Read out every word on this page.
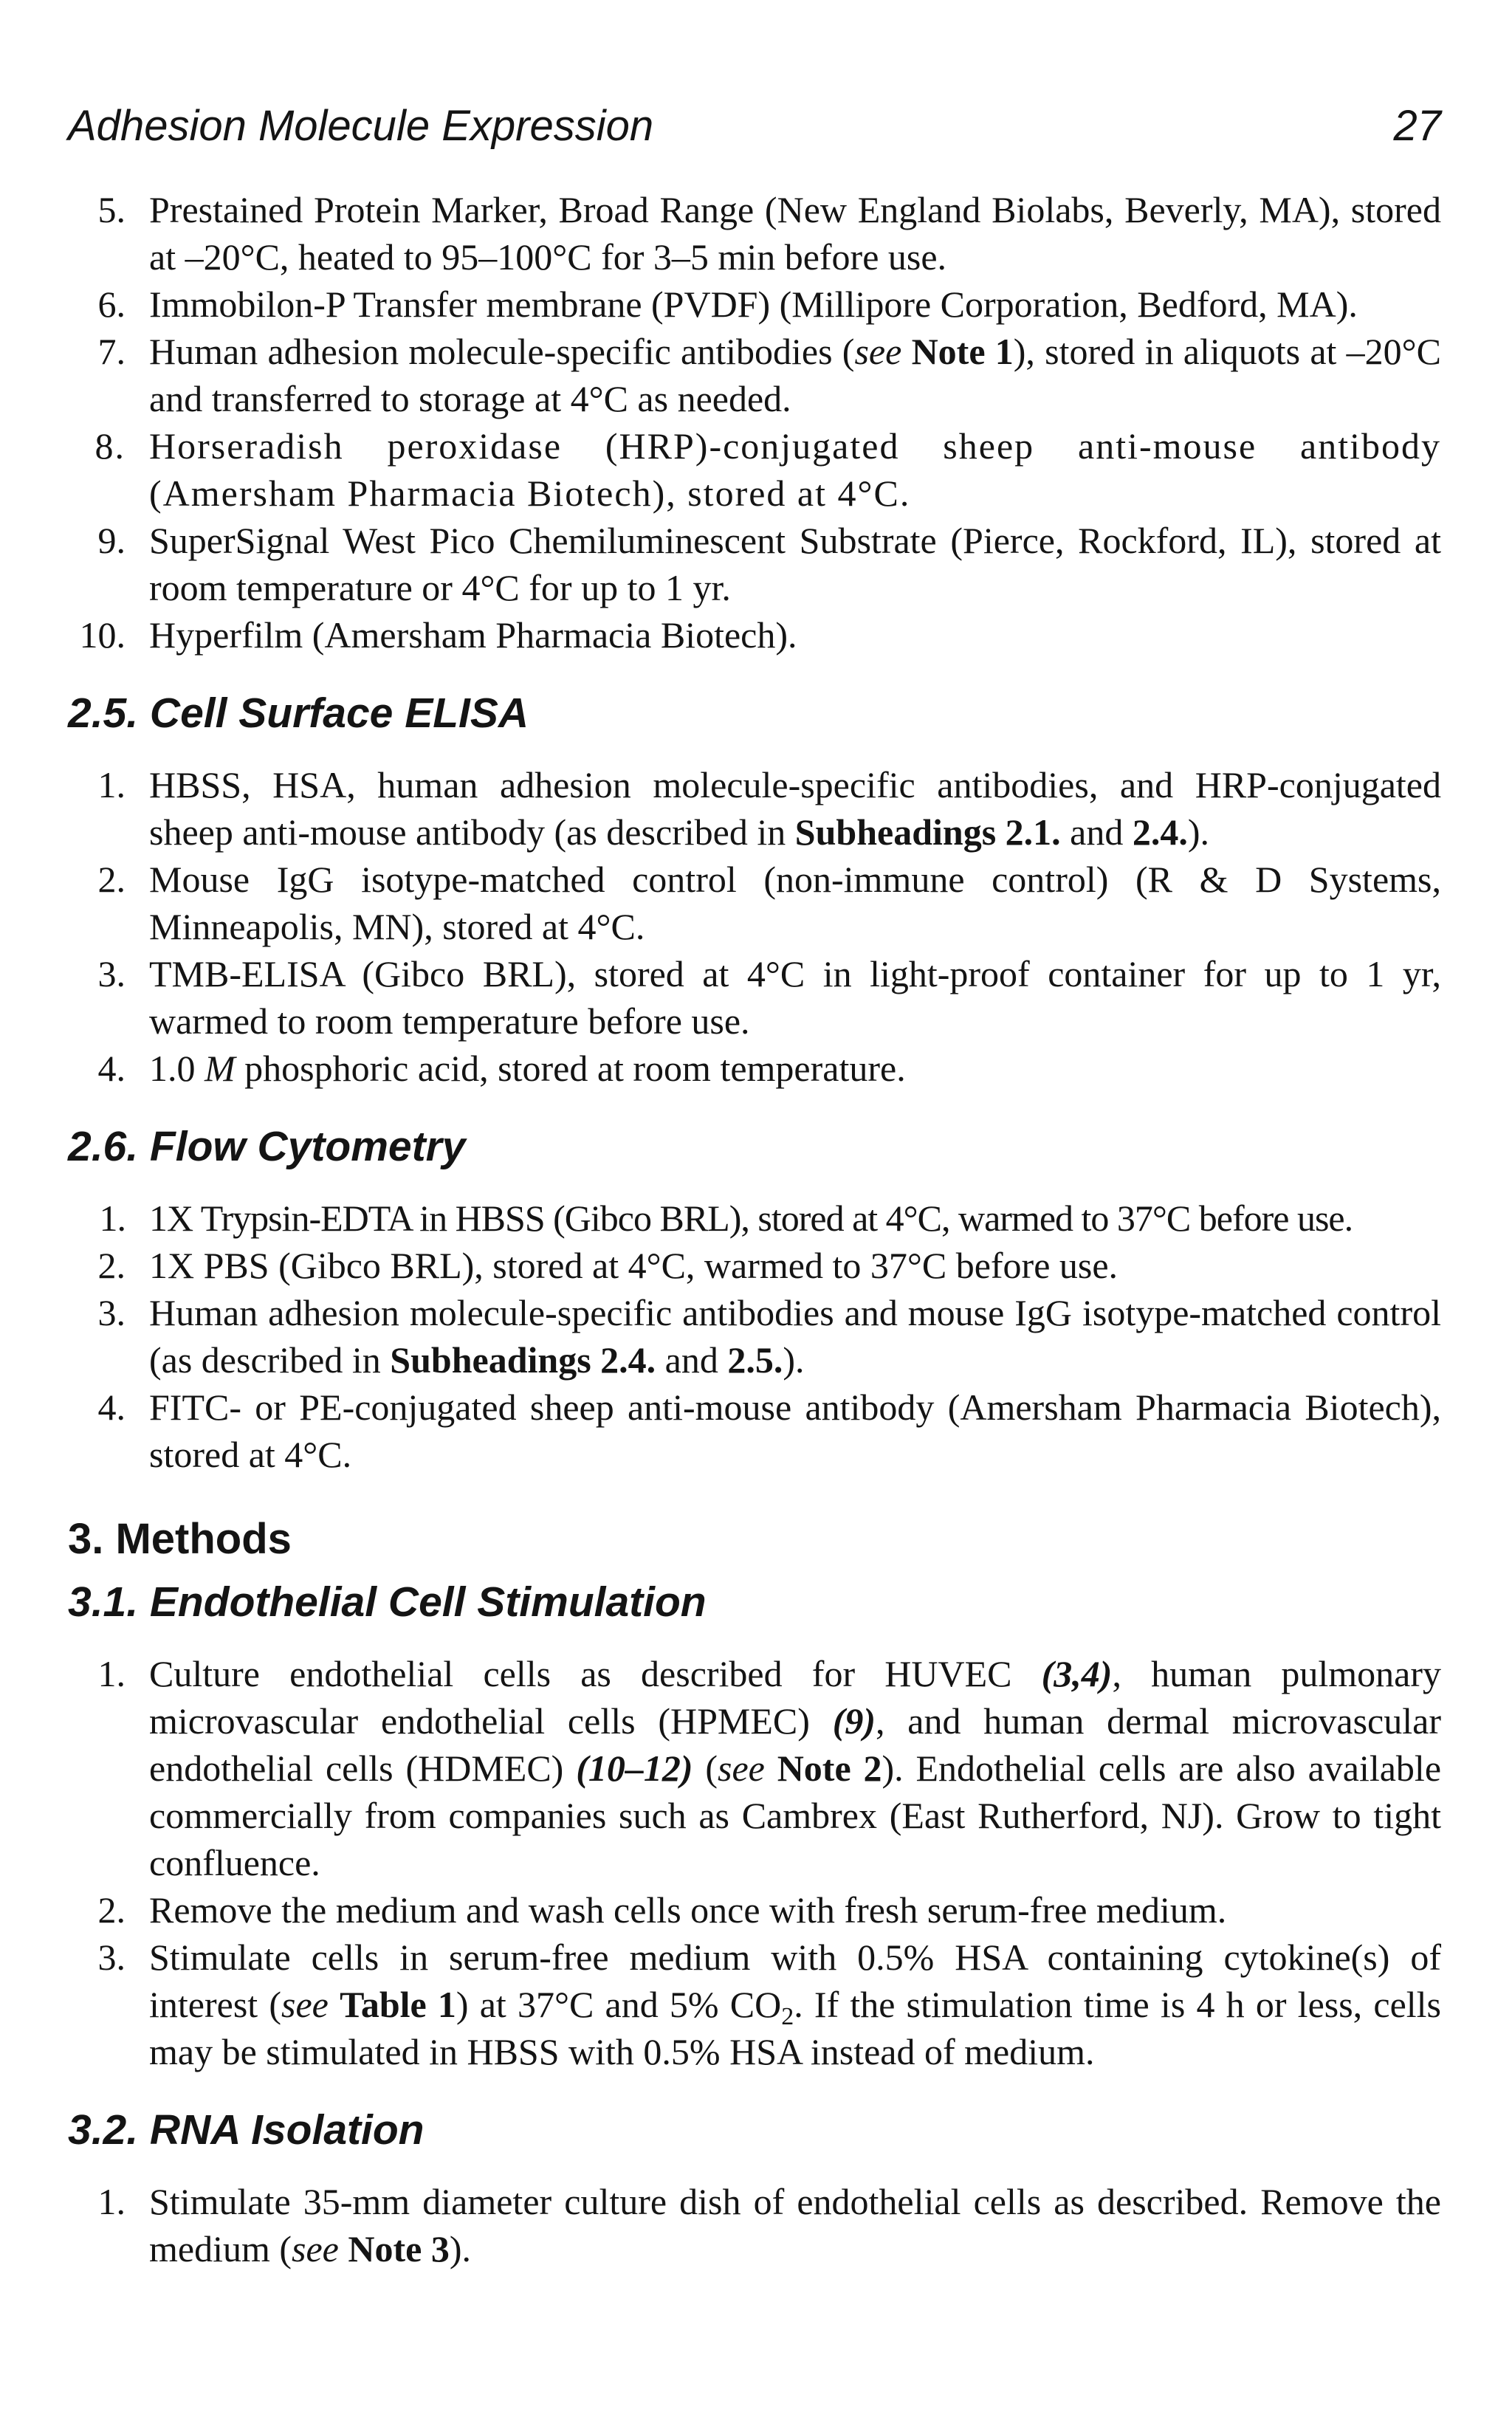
Adhesion Molecule Expression	27
5. Prestained Protein Marker, Broad Range (New England Biolabs, Beverly, MA), stored at –20°C, heated to 95–100°C for 3–5 min before use.
6. Immobilon-P Transfer membrane (PVDF) (Millipore Corporation, Bedford, MA).
7. Human adhesion molecule-specific antibodies (see Note 1), stored in aliquots at –20°C and transferred to storage at 4°C as needed.
8. Horseradish peroxidase (HRP)-conjugated sheep anti-mouse antibody (Amersham Pharmacia Biotech), stored at 4°C.
9. SuperSignal West Pico Chemiluminescent Substrate (Pierce, Rockford, IL), stored at room temperature or 4°C for up to 1 yr.
10. Hyperfilm (Amersham Pharmacia Biotech).
2.5. Cell Surface ELISA
1. HBSS, HSA, human adhesion molecule-specific antibodies, and HRP-conjugated sheep anti-mouse antibody (as described in Subheadings 2.1. and 2.4.).
2. Mouse IgG isotype-matched control (non-immune control) (R & D Systems, Minneapolis, MN), stored at 4°C.
3. TMB-ELISA (Gibco BRL), stored at 4°C in light-proof container for up to 1 yr, warmed to room temperature before use.
4. 1.0 M phosphoric acid, stored at room temperature.
2.6. Flow Cytometry
1. 1X Trypsin-EDTA in HBSS (Gibco BRL), stored at 4°C, warmed to 37°C before use.
2. 1X PBS (Gibco BRL), stored at 4°C, warmed to 37°C before use.
3. Human adhesion molecule-specific antibodies and mouse IgG isotype-matched control (as described in Subheadings 2.4. and 2.5.).
4. FITC- or PE-conjugated sheep anti-mouse antibody (Amersham Pharmacia Biotech), stored at 4°C.
3. Methods
3.1. Endothelial Cell Stimulation
1. Culture endothelial cells as described for HUVEC (3,4), human pulmonary microvascular endothelial cells (HPMEC) (9), and human dermal microvascular endothelial cells (HDMEC) (10–12) (see Note 2). Endothelial cells are also available commercially from companies such as Cambrex (East Rutherford, NJ). Grow to tight confluence.
2. Remove the medium and wash cells once with fresh serum-free medium.
3. Stimulate cells in serum-free medium with 0.5% HSA containing cytokine(s) of interest (see Table 1) at 37°C and 5% $CO_2$. If the stimulation time is 4 h or less, cells may be stimulated in HBSS with 0.5% HSA instead of medium.
3.2. RNA Isolation
1. Stimulate 35-mm diameter culture dish of endothelial cells as described. Remove the medium (see Note 3).
